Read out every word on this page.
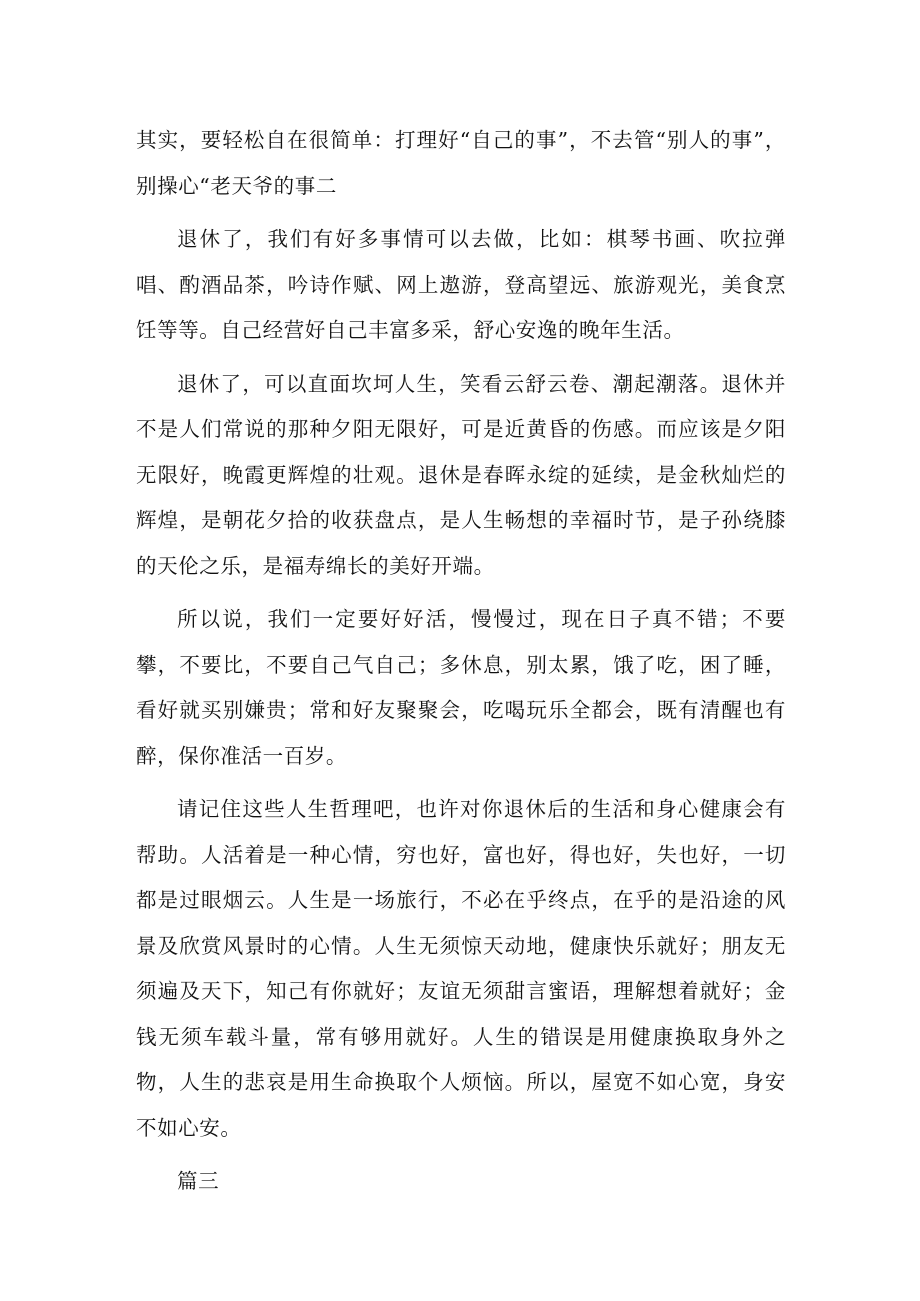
其实，要轻松自在很简单：打理好“自己的事”，不去管“别人的事”，别操心“老天爷的事二

退休了，我们有好多事情可以去做，比如：棋琴书画、吹拉弹唱、酌酒品茶，吟诗作赋、网上遨游，登高望远、旅游观光，美食烹饪等等。自己经营好自己丰富多采，舒心安逸的晚年生活。

退休了，可以直面坎坷人生，笑看云舒云卷、潮起潮落。退休并不是人们常说的那种夕阳无限好，可是近黄昏的伤感。而应该是夕阳无限好，晚霞更辉煌的壮观。退休是春晖永绽的延续，是金秋灿烂的辉煌，是朝花夕拾的收获盘点，是人生畅想的幸福时节，是子孙绕膝的天伦之乐，是福寿绵长的美好开端。

所以说，我们一定要好好活，慢慢过，现在日子真不错；不要攀，不要比，不要自己气自己；多休息，别太累，饿了吃，困了睡，看好就买别嫌贵；常和好友聚聚会，吃喝玩乐全都会，既有清醒也有醉，保你准活一百岁。

请记住这些人生哲理吧，也许对你退休后的生活和身心健康会有帮助。人活着是一种心情，穷也好，富也好，得也好，失也好，一切都是过眼烟云。人生是一场旅行，不必在乎终点，在乎的是沿途的风景及欣赏风景时的心情。人生无须惊天动地，健康快乐就好；朋友无须遍及天下，知己有你就好；友谊无须甜言蜜语，理解想着就好；金钱无须车载斗量，常有够用就好。人生的错误是用健康换取身外之物，人生的悲哀是用生命换取个人烦恼。所以，屋宽不如心宽，身安不如心安。

篇三
